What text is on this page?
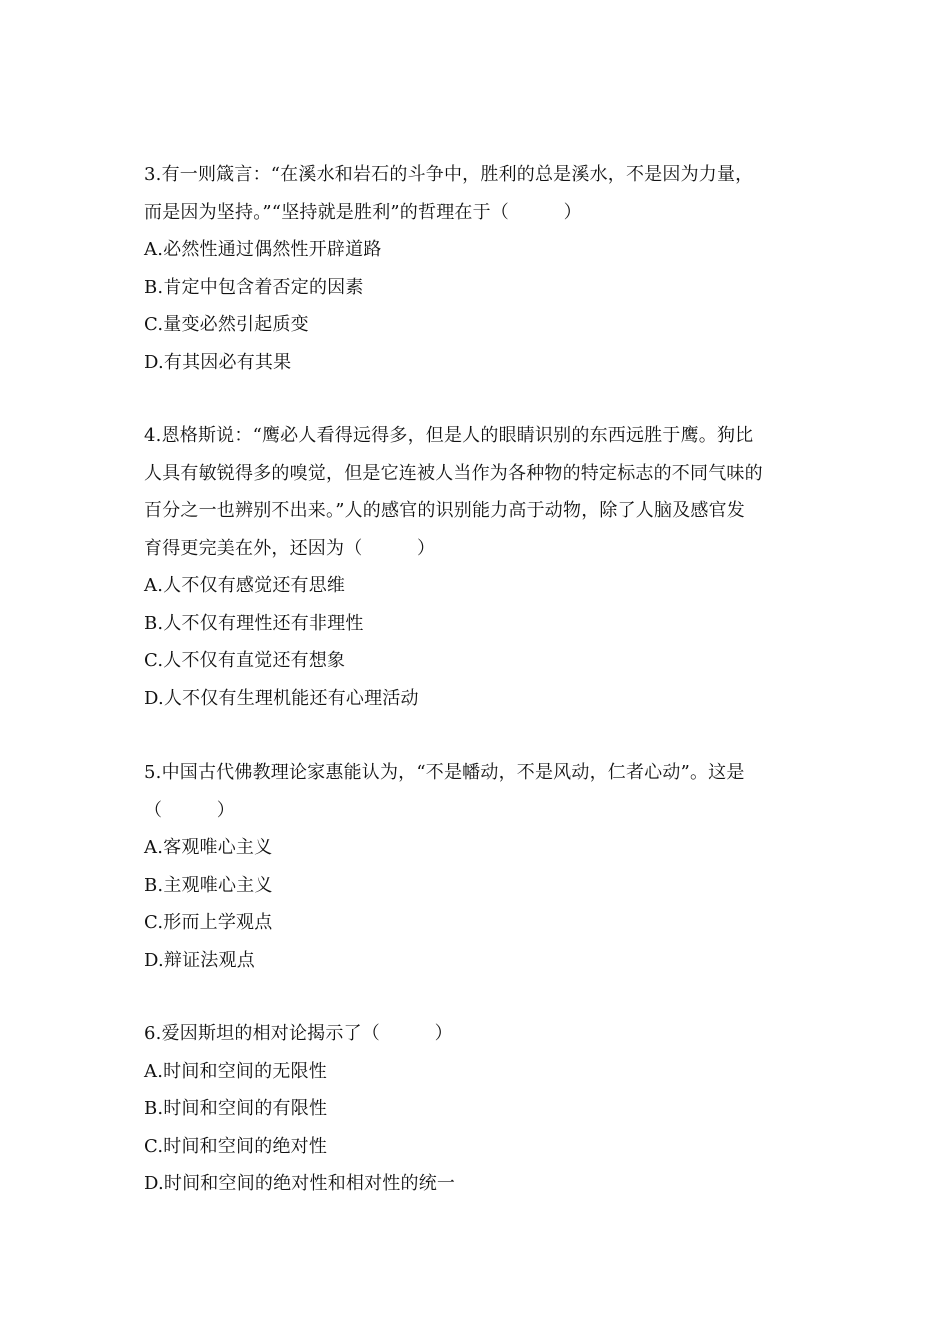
3.有一则箴言：“在溪水和岩石的斗争中，胜利的总是溪水，不是因为力量，
而是因为坚持。”“坚持就是胜利”的哲理在于（　　　）
A.必然性通过偶然性开辟道路
B.肯定中包含着否定的因素
C.量变必然引起质变
D.有其因必有其果
4.恩格斯说：“鹰必人看得远得多，但是人的眼睛识别的东西远胜于鹰。狗比
人具有敏锐得多的嗅觉，但是它连被人当作为各种物的特定标志的不同气味的
百分之一也辨别不出来。”人的感官的识别能力高于动物，除了人脑及感官发
育得更完美在外，还因为（　　　）
A.人不仅有感觉还有思维
B.人不仅有理性还有非理性
C.人不仅有直觉还有想象
D.人不仅有生理机能还有心理活动
5.中国古代佛教理论家惠能认为，“不是幡动，不是风动，仁者心动”。这是
（　　　）
A.客观唯心主义
B.主观唯心主义
C.形而上学观点
D.辩证法观点
6.爱因斯坦的相对论揭示了（　　　）
A.时间和空间的无限性
B.时间和空间的有限性
C.时间和空间的绝对性
D.时间和空间的绝对性和相对性的统一
